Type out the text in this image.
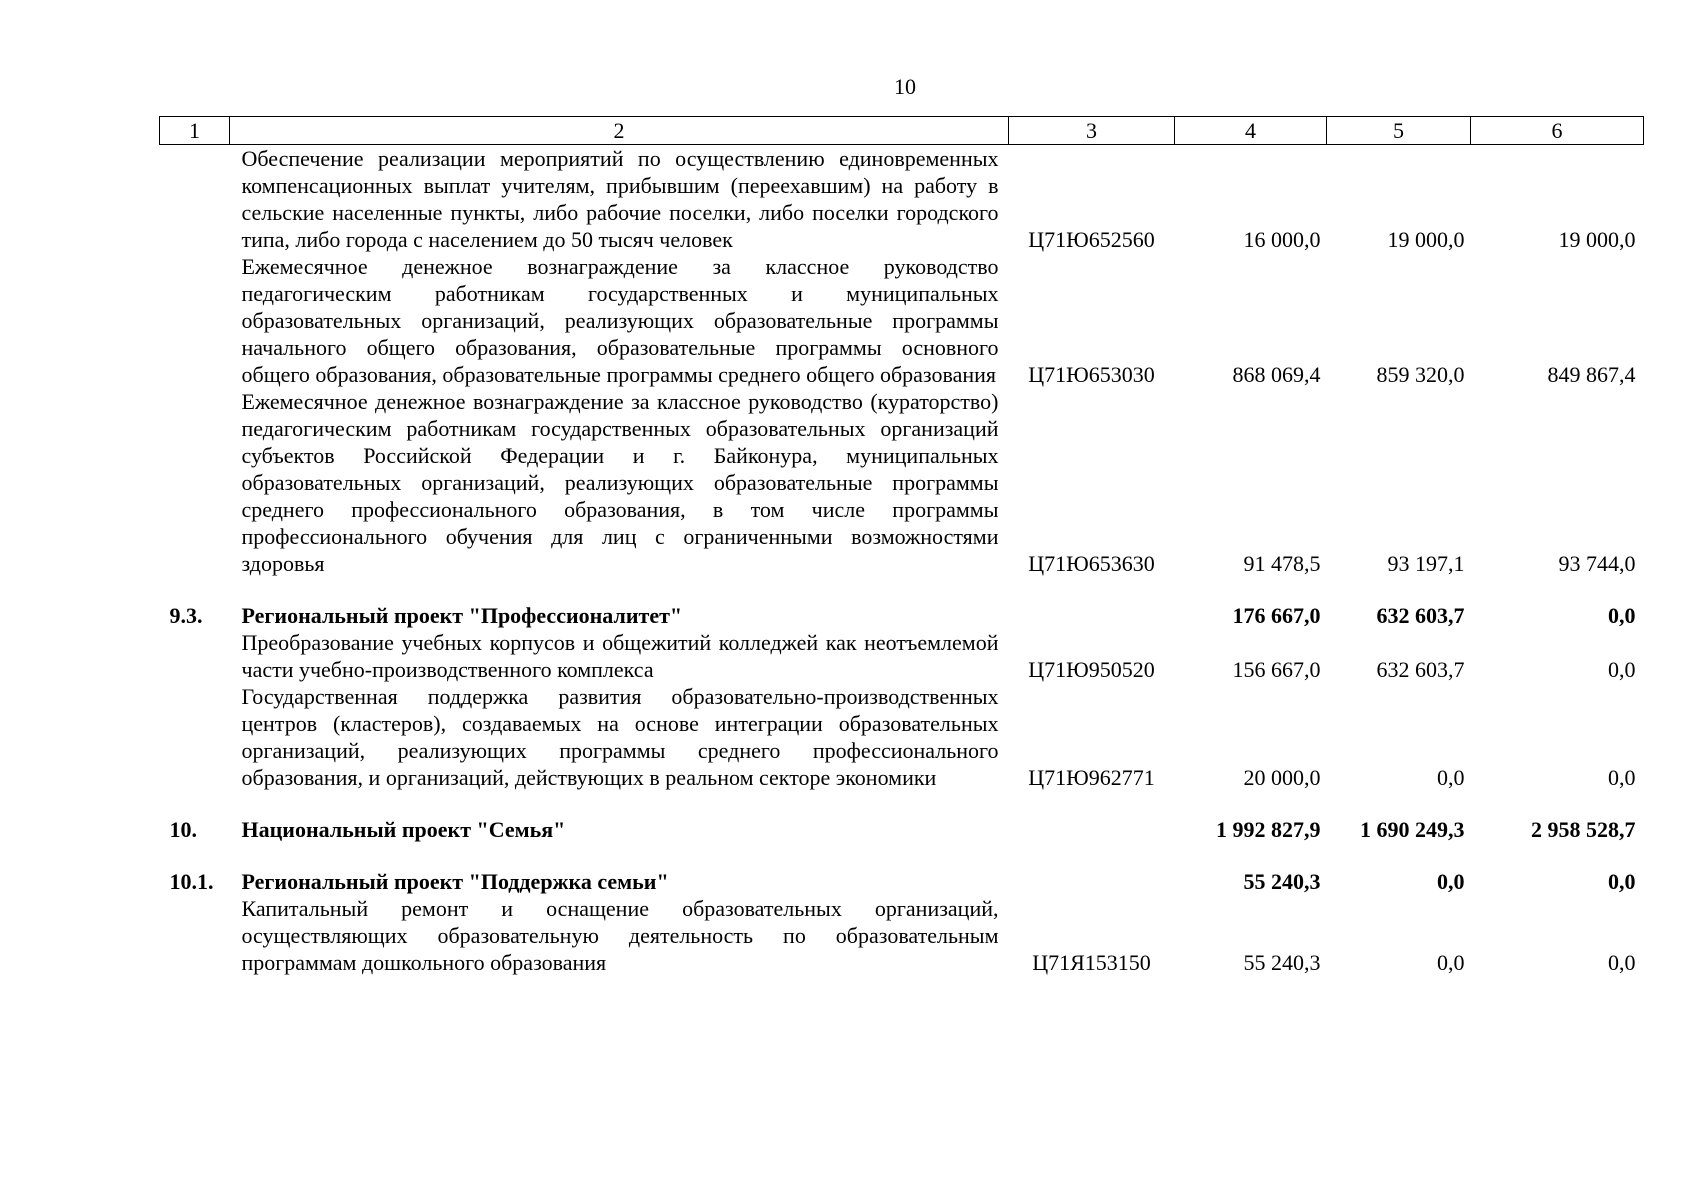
10
1	2	3	4	5	6
	Обеспечение реализации мероприятий по осуществлению единовременных компенсационных выплат учителям, прибывшим (переехавшим) на работу в сельские населенные пункты, либо рабочие поселки, либо поселки городского типа, либо города с населением до 50 тысяч человек	Ц71Ю652560	16 000,0	19 000,0	19 000,0
	Ежемесячное денежное вознаграждение за классное руководство педагогическим работникам государственных и муниципальных образовательных организаций, реализующих образовательные программы начального общего образования, образовательные программы основного общего образования, образовательные программы среднего общего образования	Ц71Ю653030	868 069,4	859 320,0	849 867,4
	Ежемесячное денежное вознаграждение за классное руководство (кураторство) педагогическим работникам государственных образовательных организаций субъектов Российской Федерации и г. Байконура, муниципальных образовательных организаций, реализующих образовательные программы среднего профессионального образования, в том числе программы профессионального обучения для лиц с ограниченными возможностями здоровья	Ц71Ю653630	91 478,5	93 197,1	93 744,0

9.3.	Региональный проект "Профессионалитет"		176 667,0	632 603,7	0,0
	Преобразование учебных корпусов и общежитий колледжей как неотъемлемой части учебно-производственного комплекса	Ц71Ю950520	156 667,0	632 603,7	0,0
	Государственная поддержка развития образовательно-производственных центров (кластеров), создаваемых на основе интеграции образовательных организаций, реализующих программы среднего профессионального образования, и организаций, действующих в реальном секторе экономики	Ц71Ю962771	20 000,0	0,0	0,0

10.	Национальный проект "Семья"		1 992 827,9	1 690 249,3	2 958 528,7

10.1.	Региональный проект "Поддержка семьи"		55 240,3	0,0	0,0
	Капитальный ремонт и оснащение образовательных организаций, осуществляющих образовательную деятельность по образовательным программам дошкольного образования	Ц71Я153150	55 240,3	0,0	0,0
